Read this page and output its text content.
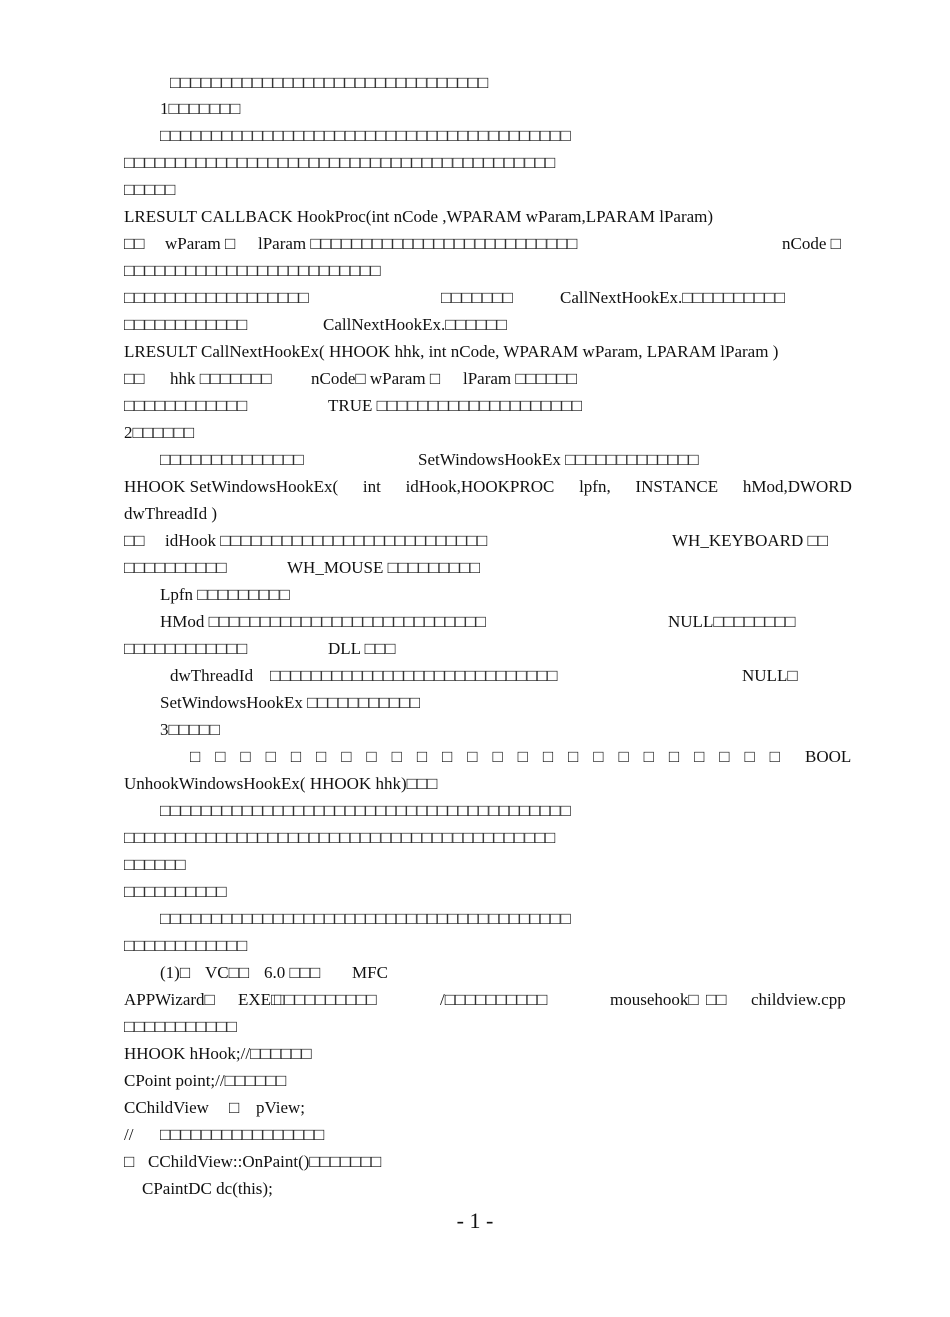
□□□□□□□□□□□□□□□□□□□□□□□□□□□□□□□
1□□□□□□□
□□□□□□□□□□□□□□□□□□□□□□□□□□□□□□□□□□□□□□□□
□□□□□□□□□□□□□□□□□□□□□□□□□□□□□□□□□□□□□□□□□□
□□□□□
LRESULT CALLBACK HookProc(int nCode ,WPARAM wParam,LPARAM lParam)
□□ wParam □ lParam □□□□□□□□□□□□□□□□□□□□□□□□□□	nCode □
□□□□□□□□□□□□□□□□□□□□□□□□□
□□□□□□□□□□□□□□□□□□	□□□□□□□	CallNextHookEx.□□□□□□□□□□
□□□□□□□□□□□□	CallNextHookEx.□□□□□□
LRESULT CallNextHookEx( HHOOK hhk, int nCode, WPARAM wParam, LPARAM lParam )
□□ hhk □□□□□□□ nCode□ wParam □ lParam □□□□□□
□□□□□□□□□□□□	TRUE □□□□□□□□□□□□□□□□□□□□
2□□□□□□
□□□□□□□□□□□□□□	SetWindowsHookEx □□□□□□□□□□□□□
HHOOK SetWindowsHookEx( int idHook,HOOKPROC lpfn, INSTANCE hMod,DWORD
dwThreadId )
□□ idHook □□□□□□□□□□□□□□□□□□□□□□□□□□	WH_KEYBOARD □□
□□□□□□□□□□	WH_MOUSE □□□□□□□□□
Lpfn □□□□□□□□□
HMod □□□□□□□□□□□□□□□□□□□□□□□□□□□	NULL□□□□□□□□
□□□□□□□□□□□□	DLL □□□
dwThreadId □□□□□□□□□□□□□□□□□□□□□□□□□□□□	NULL□
SetWindowsHookEx □□□□□□□□□□□
3□□□□□
□ □ □ □ □ □ □ □ □ □ □ □ □ □ □ □ □ □ □ □ □ □ □ □ BOOL
UnhookWindowsHookEx( HHOOK hhk)□□□
□□□□□□□□□□□□□□□□□□□□□□□□□□□□□□□□□□□□□□□□
□□□□□□□□□□□□□□□□□□□□□□□□□□□□□□□□□□□□□□□□□□
□□□□□□
□□□□□□□□□□
□□□□□□□□□□□□□□□□□□□□□□□□□□□□□□□□□□□□□□□□
□□□□□□□□□□□□
(1)□ VC□□ 6.0 □□□ MFC
APPWizard□ EXE□
□□□□□□□□□□	/□□□□□□□□□□	mousehook□ □□ childview.cpp
□□□□□□□□□□□
HHOOK hHook;//□□□□□□
CPoint point;//□□□□□□
CChildView □ pView;
// □□□□□□□□□□□□□□□□
□ CChildView::OnPaint()□□□□□□□
CPaintDC dc(this);
- 1 -
